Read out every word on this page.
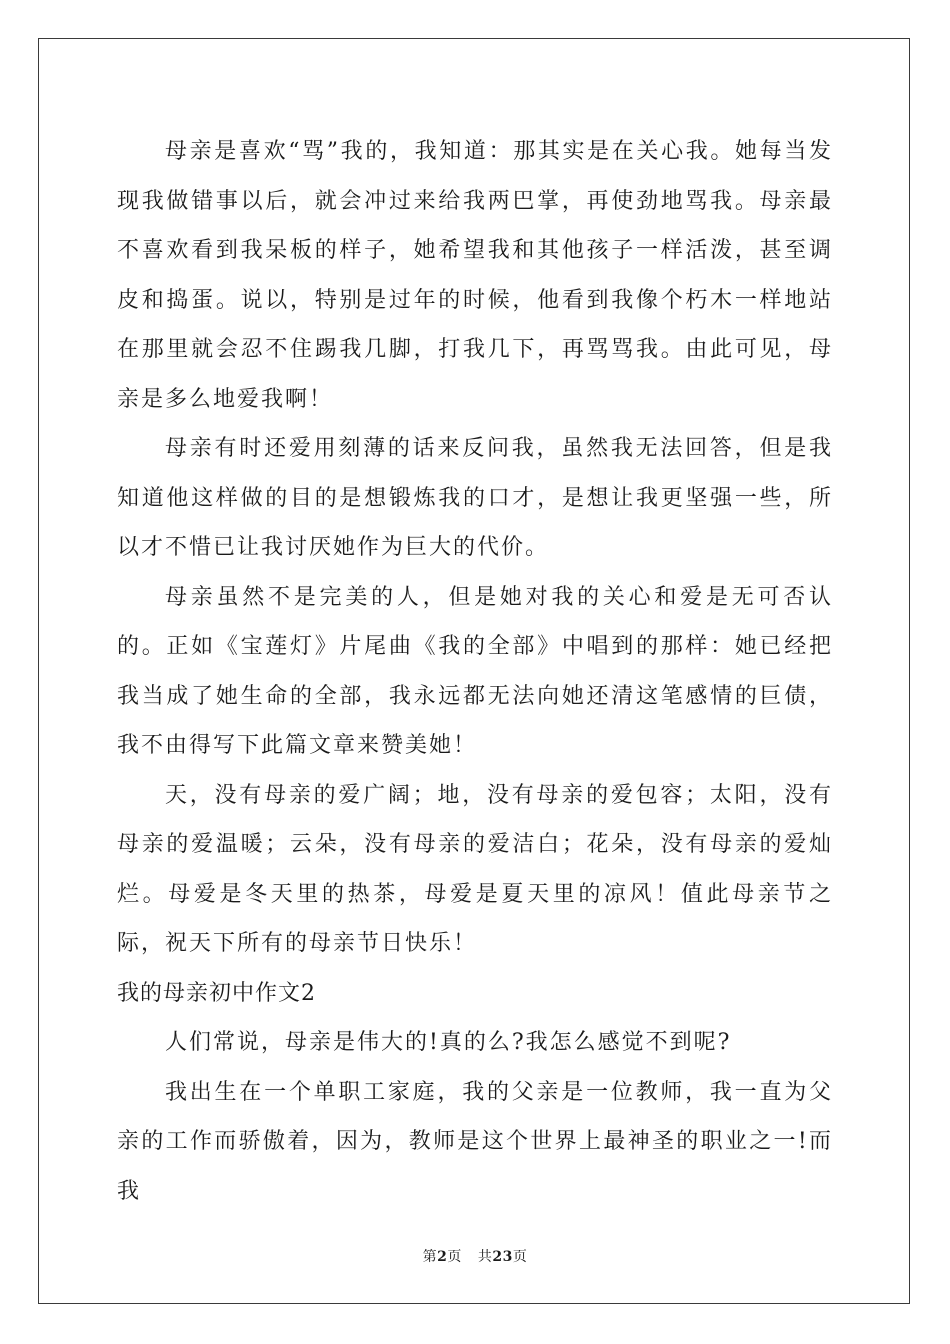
母亲是喜欢“骂”我的，我知道：那其实是在关心我。她每当发现我做错事以后，就会冲过来给我两巴掌，再使劲地骂我。母亲最不喜欢看到我呆板的样子，她希望我和其他孩子一样活泼，甚至调皮和捣蛋。说以，特别是过年的时候，他看到我像个朽木一样地站在那里就会忍不住踢我几脚，打我几下，再骂骂我。由此可见，母亲是多么地爱我啊！

母亲有时还爱用刻薄的话来反问我，虽然我无法回答，但是我知道他这样做的目的是想锻炼我的口才，是想让我更坚强一些，所以才不惜已让我讨厌她作为巨大的代价。

母亲虽然不是完美的人，但是她对我的关心和爱是无可否认的。正如《宝莲灯》片尾曲《我的全部》中唱到的那样：她已经把我当成了她生命的全部，我永远都无法向她还清这笔感情的巨债，我不由得写下此篇文章来赞美她！

天，没有母亲的爱广阔；地，没有母亲的爱包容；太阳，没有母亲的爱温暖；云朵，没有母亲的爱洁白；花朵，没有母亲的爱灿烂。母爱是冬天里的热茶，母爱是夏天里的凉风！值此母亲节之际，祝天下所有的母亲节日快乐！

我的母亲初中作文2

人们常说，母亲是伟大的!真的么?我怎么感觉不到呢?

我出生在一个单职工家庭，我的父亲是一位教师，我一直为父亲的工作而骄傲着，因为，教师是这个世界上最神圣的职业之一!而我

第2页 共23页
